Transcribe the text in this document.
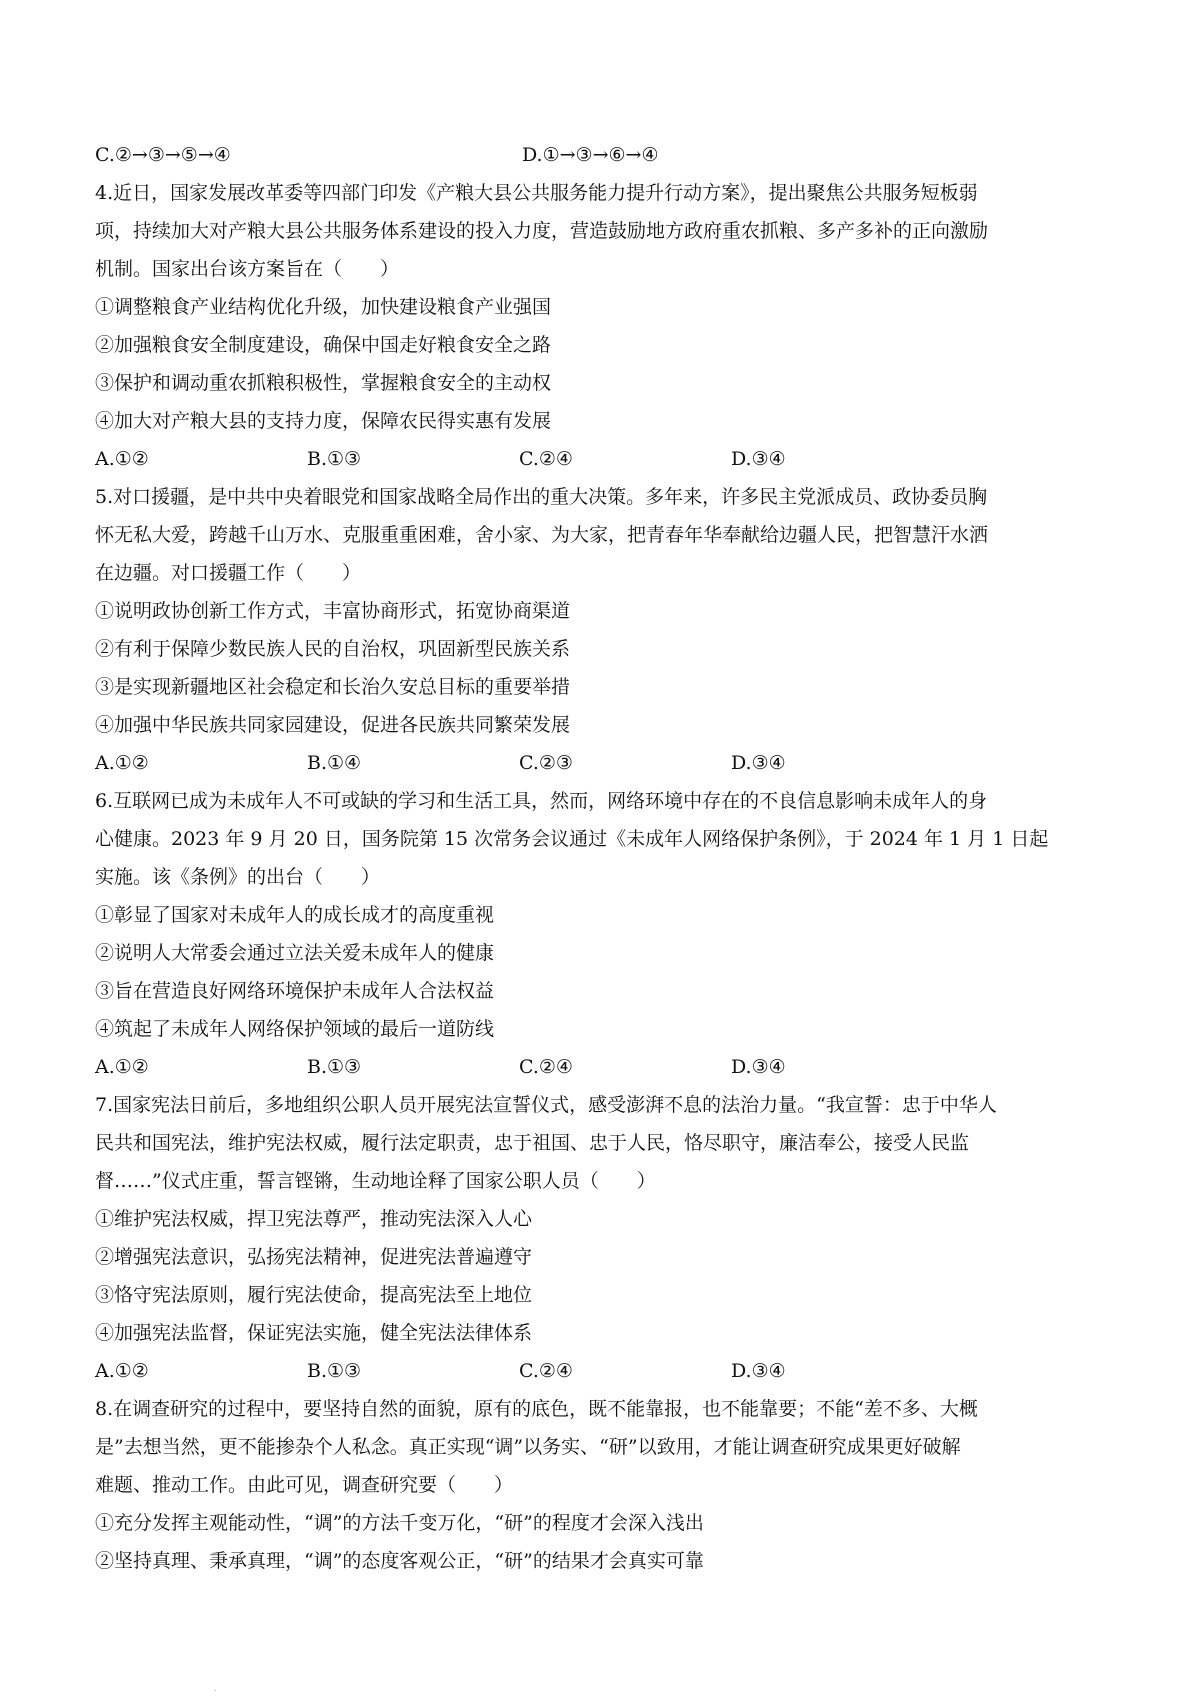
C.②→③→⑤→④	D.①→③→⑥→④
4.近日，国家发展改革委等四部门印发《产粮大县公共服务能力提升行动方案》，提出聚焦公共服务短板弱
项，持续加大对产粮大县公共服务体系建设的投入力度，营造鼓励地方政府重农抓粮、多产多补的正向激励
机制。国家出台该方案旨在（　　）
①调整粮食产业结构优化升级，加快建设粮食产业强国
②加强粮食安全制度建设，确保中国走好粮食安全之路
③保护和调动重农抓粮积极性，掌握粮食安全的主动权
④加大对产粮大县的支持力度，保障农民得实惠有发展
A.①②	B.①③	C.②④	D.③④
5.对口援疆，是中共中央着眼党和国家战略全局作出的重大决策。多年来，许多民主党派成员、政协委员胸
怀无私大爱，跨越千山万水、克服重重困难，舍小家、为大家，把青春年华奉献给边疆人民，把智慧汗水洒
在边疆。对口援疆工作（　　）
①说明政协创新工作方式，丰富协商形式，拓宽协商渠道
②有利于保障少数民族人民的自治权，巩固新型民族关系
③是实现新疆地区社会稳定和长治久安总目标的重要举措
④加强中华民族共同家园建设，促进各民族共同繁荣发展
A.①②	B.①④	C.②③	D.③④
6.互联网已成为未成年人不可或缺的学习和生活工具，然而，网络环境中存在的不良信息影响未成年人的身
心健康。2023 年 9 月 20 日，国务院第 15 次常务会议通过《未成年人网络保护条例》，于 2024 年 1 月 1 日起
实施。该《条例》的出台（　　）
①彰显了国家对未成年人的成长成才的高度重视
②说明人大常委会通过立法关爱未成年人的健康
③旨在营造良好网络环境保护未成年人合法权益
④筑起了未成年人网络保护领域的最后一道防线
A.①②	B.①③	C.②④	D.③④
7.国家宪法日前后，多地组织公职人员开展宪法宣誓仪式，感受澎湃不息的法治力量。“我宣誓：忠于中华人
民共和国宪法，维护宪法权威，履行法定职责，忠于祖国、忠于人民，恪尽职守，廉洁奉公，接受人民监
督……”仪式庄重，誓言铿锵，生动地诠释了国家公职人员（　　）
①维护宪法权威，捍卫宪法尊严，推动宪法深入人心
②增强宪法意识，弘扬宪法精神，促进宪法普遍遵守
③恪守宪法原则，履行宪法使命，提高宪法至上地位
④加强宪法监督，保证宪法实施，健全宪法法律体系
A.①②	B.①③	C.②④	D.③④
8.在调查研究的过程中，要坚持自然的面貌，原有的底色，既不能靠报，也不能靠要；不能“差不多、大概
是”去想当然，更不能掺杂个人私念。真正实现“调”以务实、“研”以致用，才能让调查研究成果更好破解
难题、推动工作。由此可见，调查研究要（　　）
①充分发挥主观能动性，“调”的方法千变万化，“研”的程度才会深入浅出
②坚持真理、秉承真理，“调”的态度客观公正，“研”的结果才会真实可靠
.
